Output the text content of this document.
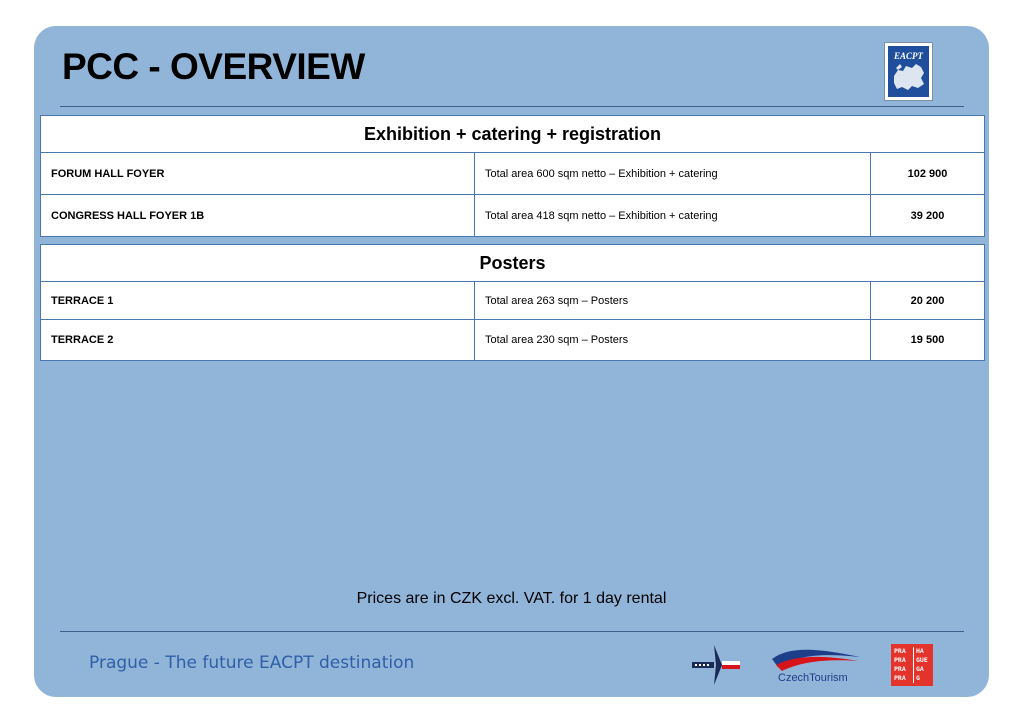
PCC - OVERVIEW	EACPT
Exhibition + catering + registration		
FORUM HALL FOYER	Total area 600 sqm netto – Exhibition + catering	102 900
CONGRESS HALL FOYER 1B	Total area 418 sqm netto – Exhibition + catering	39 200
Posters		
TERRACE 1	Total area 263 sqm – Posters	20 200
TERRACE 2	Total area 230 sqm – Posters	19 500
Prices are in CZK excl. VAT. for 1 day rental
Prague - The future EACPT destination
CzechTourism
PRA	HA
PRA	GUE
PRA	GA
PRA	G
